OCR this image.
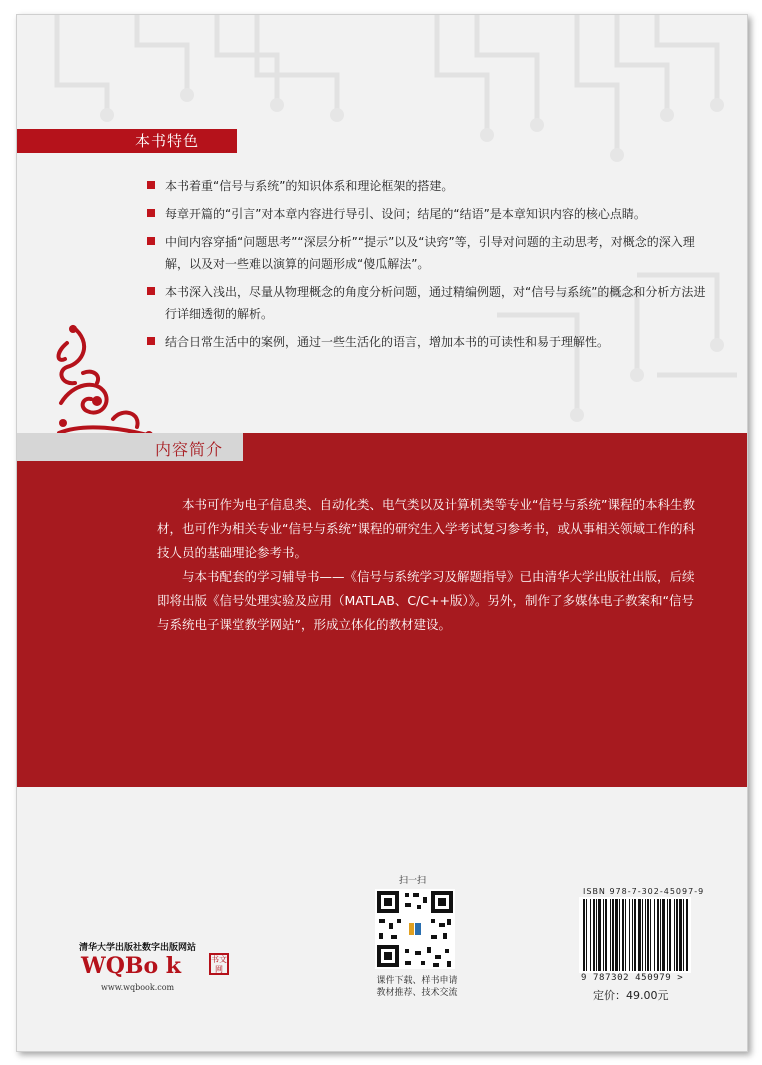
本书特色
本书着重“信号与系统”的知识体系和理论框架的搭建。
每章开篇的“引言”对本章内容进行导引、设问；结尾的“结语”是本章知识内容的核心点睛。
中间内容穿插“问题思考”“深层分析”“提示”以及“诀窍”等，引导对问题的主动思考，对概念的深入理解，以及对一些难以演算的问题形成“傻瓜解法”。
本书深入浅出，尽量从物理概念的角度分析问题，通过精编例题，对“信号与系统”的概念和分析方法进行详细透彻的解析。
结合日常生活中的案例，通过一些生活化的语言，增加本书的可读性和易于理解性。
内容简介

本书可作为电子信息类、自动化类、电气类以及计算机类等专业“信号与系统”课程的本科生教材，也可作为相关专业“信号与系统”课程的研究生入学考试复习参考书，或从事相关领域工作的科技人员的基础理论参考书。

与本书配套的学习辅导书——《信号与系统学习及解题指导》已由清华大学出版社出版，后续即将出版《信号处理实验及应用（MATLAB、C/C++版）》。另外，制作了多媒体电子教案和“信号与系统电子课堂教学网站”，形成立体化的教材建设。

清华大学出版社数字出版网站
WQBo k	书文网
www.wqbook.com
扫一扫
课件下载、样书申请
教材推荐、技术交流
ISBN 978-7-302-45097-9
9 787302 450979 >
定价：49.00元
